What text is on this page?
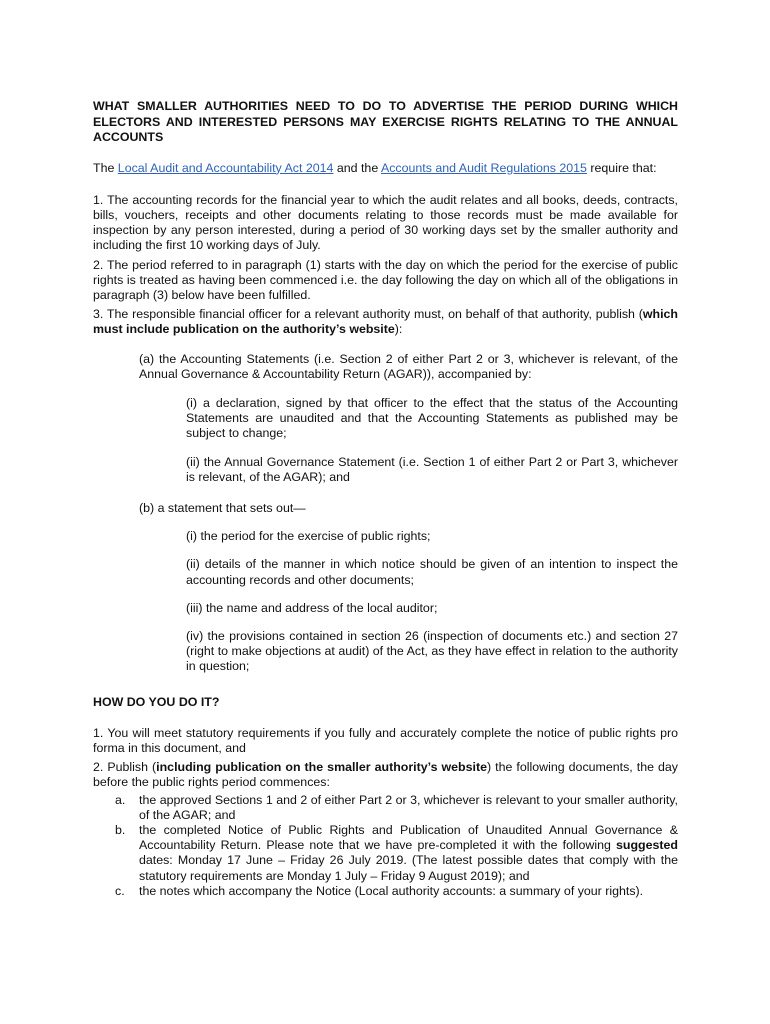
WHAT SMALLER AUTHORITIES NEED TO DO TO ADVERTISE THE PERIOD DURING WHICH ELECTORS AND INTERESTED PERSONS MAY EXERCISE RIGHTS RELATING TO THE ANNUAL ACCOUNTS

The Local Audit and Accountability Act 2014 and the Accounts and Audit Regulations 2015 require that:

1. The accounting records for the financial year to which the audit relates and all books, deeds, contracts, bills, vouchers, receipts and other documents relating to those records must be made available for inspection by any person interested, during a period of 30 working days set by the smaller authority and including the first 10 working days of July.

2. The period referred to in paragraph (1) starts with the day on which the period for the exercise of public rights is treated as having been commenced i.e. the day following the day on which all of the obligations in paragraph (3) below have been fulfilled.

3. The responsible financial officer for a relevant authority must, on behalf of that authority, publish (which must include publication on the authority’s website):

(a) the Accounting Statements (i.e. Section 2 of either Part 2 or 3, whichever is relevant, of the Annual Governance & Accountability Return (AGAR)), accompanied by:

(i) a declaration, signed by that officer to the effect that the status of the Accounting Statements are unaudited and that the Accounting Statements as published may be subject to change;

(ii) the Annual Governance Statement (i.e. Section 1 of either Part 2 or Part 3, whichever is relevant, of the AGAR); and

(b) a statement that sets out—

(i) the period for the exercise of public rights;

(ii) details of the manner in which notice should be given of an intention to inspect the accounting records and other documents;

(iii) the name and address of the local auditor;

(iv) the provisions contained in section 26 (inspection of documents etc.) and section 27 (right to make objections at audit) of the Act, as they have effect in relation to the authority in question;

HOW DO YOU DO IT?

1. You will meet statutory requirements if you fully and accurately complete the notice of public rights pro forma in this document, and

2. Publish (including publication on the smaller authority’s website) the following documents, the day before the public rights period commences:

a. the approved Sections 1 and 2 of either Part 2 or 3, whichever is relevant to your smaller authority, of the AGAR; and
b. the completed Notice of Public Rights and Publication of Unaudited Annual Governance & Accountability Return. Please note that we have pre-completed it with the following suggested dates: Monday 17 June – Friday 26 July 2019. (The latest possible dates that comply with the statutory requirements are Monday 1 July – Friday 9 August 2019); and
c. the notes which accompany the Notice (Local authority accounts: a summary of your rights).
